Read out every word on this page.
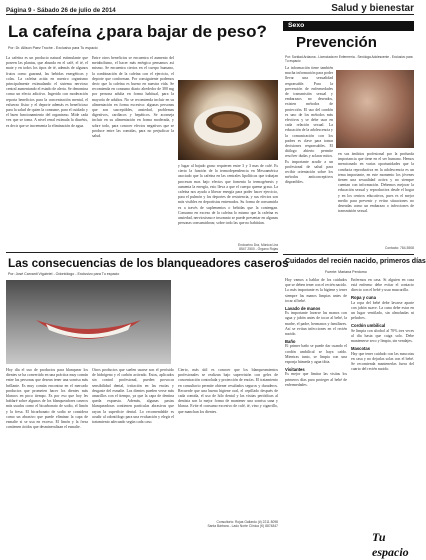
Página 9 - Sábado 26 de julio de 2014	Salud y bienestar
La cafeína ¿para bajar de peso?
Por: Dr. Allison Paez Troche - Exclusivo para Tu espacio
La cafeína es un producto natural estimulante que poseen las plantas, que abunda en el café, el té, el mate y en todos los tipos de té, además de algunos frutos como guaraná, las bebidas energéticas y colas. La cafeína actúa en nuestro organismo principalmente estimulando el sistema nervioso central aumentando el estado de alerta. Se denomina como un efecto adictivo. Ingerido con moderación reporta beneficios para la concentración mental, el esfuerzo físico y el deporte además es beneficioso para la salud de quien la consume, para el cuidado y el buen funcionamiento del organismo. Mide cada vez que se toma. A nivel renal estimula la diurésis, es decir que se incrementa la eliminación de agua.
Entre otros beneficios se encuentra el aumento del metabolismo, el hacer más enérgica pensamos así mismo. Se encuentra ciertos en el cuerpo humano, la combinación de la cafeína con el ejercicio, el deporte que conforman. Por consiguiente podemos decir que la cafeína es bueno en nuestra vida. Se recomienda en consumo diario alrededor de 300 mg por persona adulta en forma habitual, para la mayoría de adultos. No se recomienda incluir en su alimentación en forma excesiva: algunas personas que son susceptibles, ansiedad, problemas digestivos, cardíacos y hepáticos. Se aconseja incluir en su alimentación en forma moderada, y sobre todo, para conocer efectos negativos que se produce entre las comidas, para no perjudicar la salud.
y lugar al bajado graso requieren entre 3 y 3 mas de café. Es cierto la función de la termodependencia en Mesoamérica asociado que la cafeína en las centrales lipolíticas que trabajan procesan mas bajo efectos que fomenta la termogénesis y aumenta la energía, esto lleva a que el cuerpo queme grasa. La cafeína nos ayuda a liberar energía para poder hacer ejercicio, para el pulmón y los deportes de resistencia, y sus efectos son más visibles en deportistas entrenados. Su forma de consumirla es a través de suplementos o bebidas que la contengan. Consumo en exceso de la cafeína lo mismo que la cafeína es ansiedad, nerviosismo e insomnio se puede presentar en algunas personas consumidoras; sobre todo las que no habitúan.
Endocrino Dra. Mónica Lira
8547 2500 - Órgano Rojas
Las consecuencias de los blanqueadores caseros
Por: José Carvanti Vigubriel - Odontólogo - Exclusivo para Tu espacio
Hoy día el uso de productos para blanquear los dientes se ha convertido en una práctica muy común entre las personas que desean tener una sonrisa más brillante. Es muy común encontrar en el mercado productos que prometen hacer los dientes más blancos en poco tiempo. Es por eso que hoy les hablaré sobre algunos de los blanqueadores caseros más usados como el bicarbonato de sodio, el limón y la fresa. El bicarbonato de sodio se considera como un abrasivo que puede eliminar la capa de esmalte si se usa en exceso. El limón y la fresa contienen ácidos que desmineralizan el esmalte.
Otros productos que suelen usarse son el peróxido de hidrógeno y el carbón activado. Estos, aplicados sin control profesional, pueden provocar sensibilidad dental, irritación en las encías y desgaste del esmalte. Los dientes pueden verse más amarillos con el tiempo, ya que la capa de dentina queda expuesta. Además, algunas pastas blanqueadoras contienen partículas abrasivas que rayan la superficie dental. Lo recomendable es acudir al odontólogo para una evaluación y elegir el tratamiento adecuado según cada caso.
Cierto, más útil es conocer que los blanqueamientos profesionales se realizan bajo supervisión con geles de concentración controlada y protección de encías. El tratamiento en consultorio permite obtener resultados seguros y duraderos. Recuerde que una buena higiene oral, el cepillado después de cada comida, el uso de hilo dental y las visitas periódicas al dentista son la mejor forma de mantener una sonrisa sana y blanca. Evite el consumo excesivo de café, té, vino y cigarrillo, que manchan los dientes.
Consultorio: Rojas Gallardo (#) 2211 8098
Santa Bárbara - Lado Norte Clínica (K) 8874847
Sexo
Prevención
Por: Soridad Ardaona - Licenciada en Enfermería - Sexóloga Adolescente - Exclusivo para Tu espacio
La información tiene también mucha información para poder llevar una sexualidad responsable. Para la prevención de enfermedades de transmisión sexual y embarazos no deseados, existen métodos de protección. El uso del condón es uno de los métodos más efectivos y se debe usar en cada relación sexual. La educación de la adolescencia y la comunicación con los padres es clave para tomar decisiones responsables. El diálogo abierto permite resolver dudas y aclarar mitos. Es importante acudir a un profesional de salud para recibir orientación sobre los métodos anticonceptivos disponibles.
en sus ámbitos profesional por la profunda importancia que tiene en el ser humano. Hemos mencionado en varias oportunidades que la conducta reproductiva en la adolescencia es un tema importante, en este momento los jóvenes tienen una sexualidad activa y no siempre cuentan con información. Debemos mejorar la educación sexual y reproductiva desde el hogar y en los centros educativos, pues es el mejor medio para prevenir y evitar situaciones no deseadas como un embarazo o infecciones de transmisión sexual.
Contacto: 784-5508
Cuidados del recién nacido, primeros días
Fuente: Mariana Perdomo

Hoy vamos a hablar de los cuidados que se deben tener con el recién nacido. Lo más importante es la higiene y tener siempre las manos limpias antes de tocar al bebé.

Lavado de manos

Es importante lavarse las manos con agua y jabón antes de tocar al bebé, la madre, el padre, hermanos y familiares. Así se evitan infecciones en el recién nacido.

Baño

El primer baño se puede dar cuando el cordón umbilical se haya caído. Mientras tanto, se limpia con una esponja húmeda y agua tibia.

Visitantes

Es mejor que limitar las visitas los primeros días para proteger al bebé de enfermedades.

Enfermos en casa. Si alguien en casa está enfermo debe evitar el contacto directo con el bebé y usar mascarilla.

Ropa y cuna

La ropa del bebé debe lavarse aparte con jabón suave. La cuna debe estar en un lugar ventilado, sin almohadas ni peluches.

Cordón umbilical

Se limpia con alcohol al 70% tres veces al día hasta que caiga solo. Debe mantenerse seco y limpio, sin vendajes.

Mascotas

Hay que tener cuidado con las mascotas en casa y no dejarlas solas con el bebé. Se recomienda mantenerlas fuera del cuarto del recién nacido.

Tu espacio
